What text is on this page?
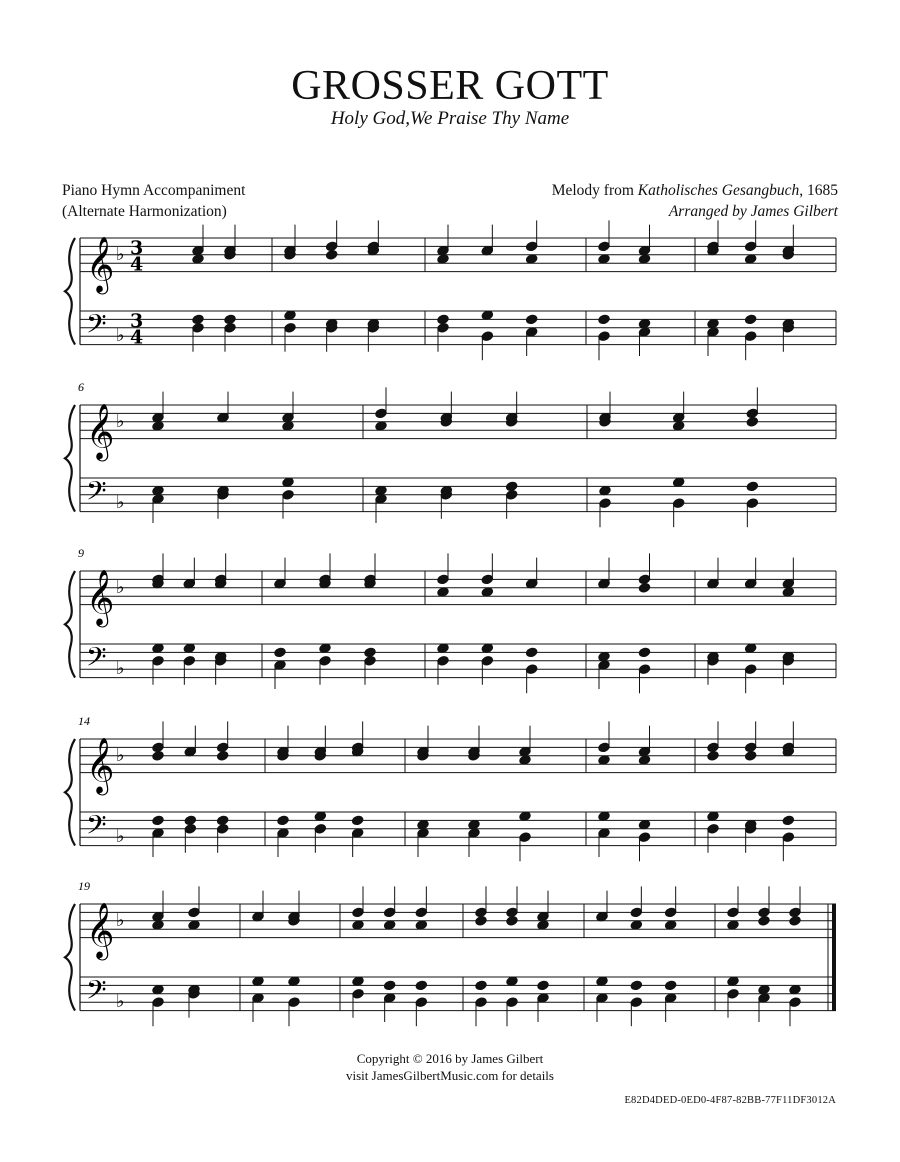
GROSSER GOTT
Holy God,We Praise Thy Name
Piano Hymn Accompaniment
(Alternate Harmonization)
Melody from Katholisches Gesangbuch, 1685
Arranged by James Gilbert
𝄞
𝄢
♭
♭
3
4
3
4
𝄞
𝄢
♭
♭
6
𝄞
𝄢
♭
♭
9
𝄞
𝄢
♭
♭
14
𝄞
𝄢
♭
♭
19
Copyright © 2016 by James Gilbert
visit JamesGilbertMusic.com for details
E82D4DED-0ED0-4F87-82BB-77F11DF3012A
